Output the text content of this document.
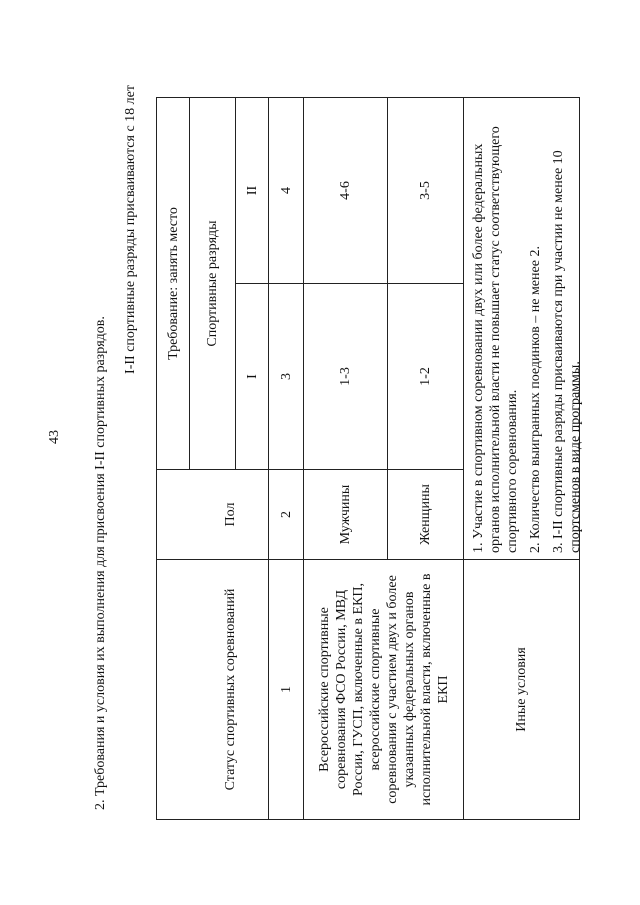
43 2. Требования и условия их выполнения для присвоения I-II спортивных разрядов.
I-II спортивные разряды присваиваются с 18 лет
Статус спортивных соревнований
Пол
Требование: занять место	Спортивные разряды
I
II
1
2
3
4
Всероссийские спортивные соревнования ФСО России, МВД России, ГУСП, включенные в ЕКП, всероссийские спортивные соревнования с участием двух и более указанных федеральных органов исполнительной власти, включенные в ЕКП
Мужчины
1-3
4-6
Женщины
1-2
3-5
Иные условия

1. Участие в спортивном соревновании двух или более федеральных органов исполнительной власти не повышает статус соответствующего спортивного соревнования. 2. Количество выигранных поединков – не менее 2. 3. I-II спортивные разряды присваиваются при участии не менее 10 спортсменов в виде программы.
